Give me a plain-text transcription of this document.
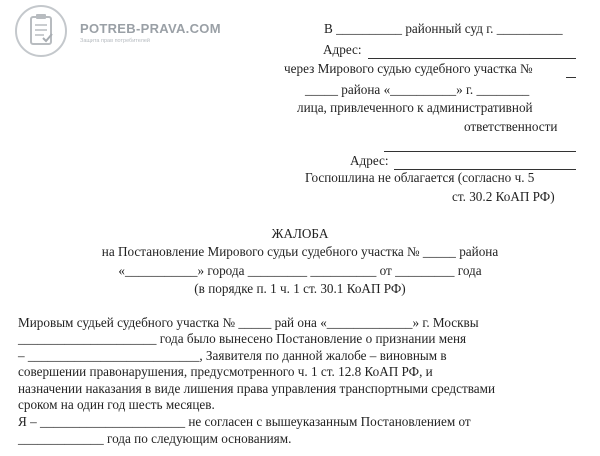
POTREB-PRAVA.COM
Защита прав потребителей
В __________ районный суд г. __________
Адрес:
через Мирового судью судебного участка №
_____ района «__________» г. ________
лица, привлеченного к административной
ответственности
Адрес:
Госпошлина не облагается (согласно ч. 5
ст. 30.2 КоАП РФ)
ЖАЛОБА
на Постановление Мирового судьи судебного участка № _____ района
«___________» города _________ __________ от _________ года
(в порядке п. 1 ч. 1 ст. 30.1 КоАП РФ)
Мировым судьей судебного участка № _____ рай она «_____________» г. Москвы
_____________________ года было вынесено Постановление о признании меня
– __________________________, Заявителя по данной жалобе – виновным в
совершении правонарушения, предусмотренного ч. 1 ст. 12.8 КоАП РФ, и
назначении наказания в виде лишения права управления транспортными средствами
сроком на один год шесть месяцев.
Я – ______________________ не согласен с вышеуказанным Постановлением от
_____________ года по следующим основаниям.
